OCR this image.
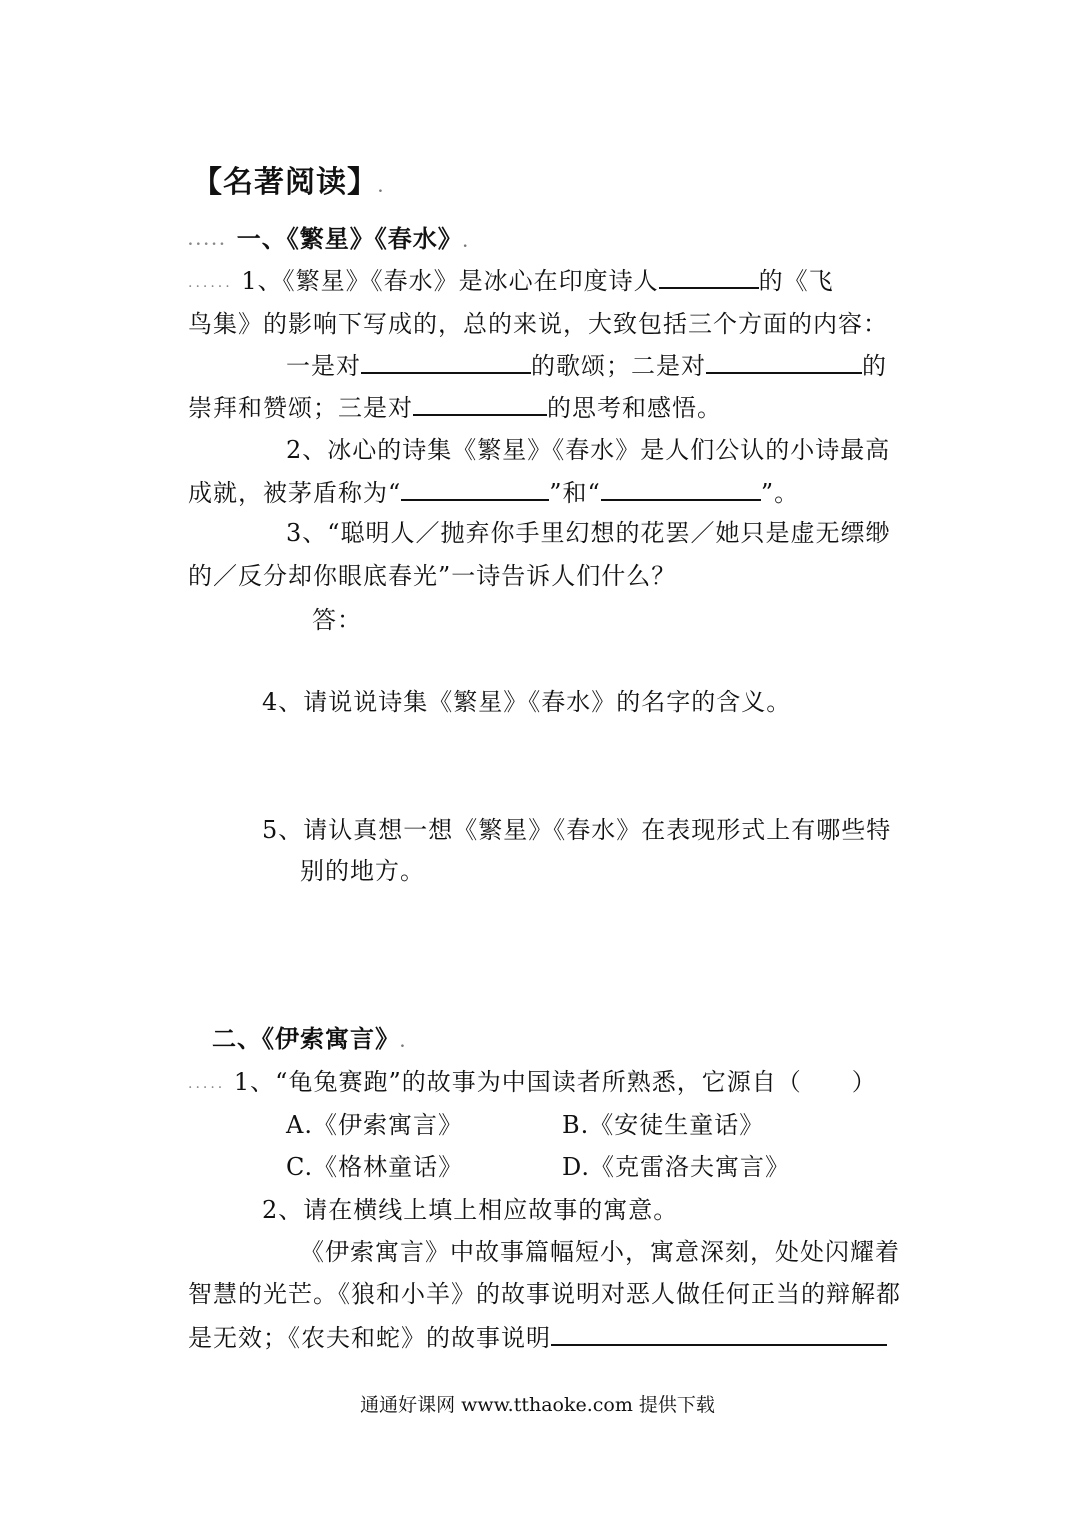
【名著阅读】.
..... 一、《繁星》《春水》.
...... 1、《繁星》《春水》是冰心在印度诗人	的《飞
鸟集》的影响下写成的，总的来说，大致包括三个方面的内容：
一是对	的歌颂；二是对	的
崇拜和赞颂；三是对	的思考和感悟。
2、冰心的诗集《繁星》《春水》是人们公认的小诗最高
成就，被茅盾称为“	”和“	”。
3、“聪明人／抛弃你手里幻想的花罢／她只是虚无缥缈
的／反分却你眼底春光”一诗告诉人们什么？
答：
4、请说说诗集《繁星》《春水》的名字的含义。
5、请认真想一想《繁星》《春水》在表现形式上有哪些特
别的地方。
二、《伊索寓言》.
..... 1、“龟兔赛跑”的故事为中国读者所熟悉，它源自（　　）
A.《伊索寓言》	B.《安徒生童话》
C.《格林童话》	D.《克雷洛夫寓言》
2、请在横线上填上相应故事的寓意。
《伊索寓言》中故事篇幅短小，寓意深刻，处处闪耀着
智慧的光芒。《狼和小羊》的故事说明对恶人做任何正当的辩解都
是无效；《农夫和蛇》的故事说明
通通好课网 www.tthaoke.com 提供下载
